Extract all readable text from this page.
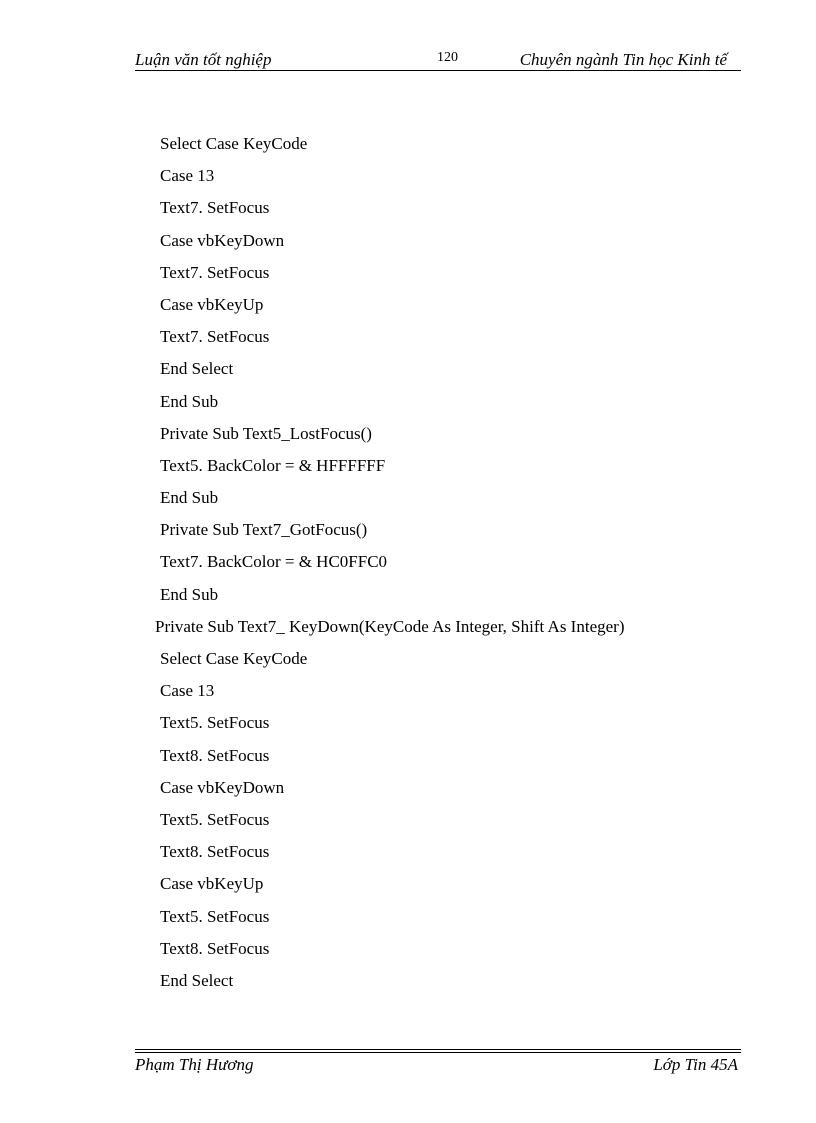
Luận văn tốt nghiệp	120	Chuyên ngành Tin học Kinh tế
Select Case KeyCode
Case 13
Text7. SetFocus
Case vbKeyDown
Text7. SetFocus
Case vbKeyUp
Text7. SetFocus
End Select
End Sub
Private Sub Text5_LostFocus()
Text5. BackColor = & HFFFFFF
End Sub
Private Sub Text7_GotFocus()
Text7. BackColor = & HC0FFC0
End Sub
Private Sub Text7_ KeyDown(KeyCode As Integer, Shift As Integer)
Select Case KeyCode
Case 13
Text5. SetFocus
Text8. SetFocus
Case vbKeyDown
Text5. SetFocus
Text8. SetFocus
Case vbKeyUp
Text5. SetFocus
Text8. SetFocus
End Select
Phạm Thị Hương	Lớp Tin 45A
